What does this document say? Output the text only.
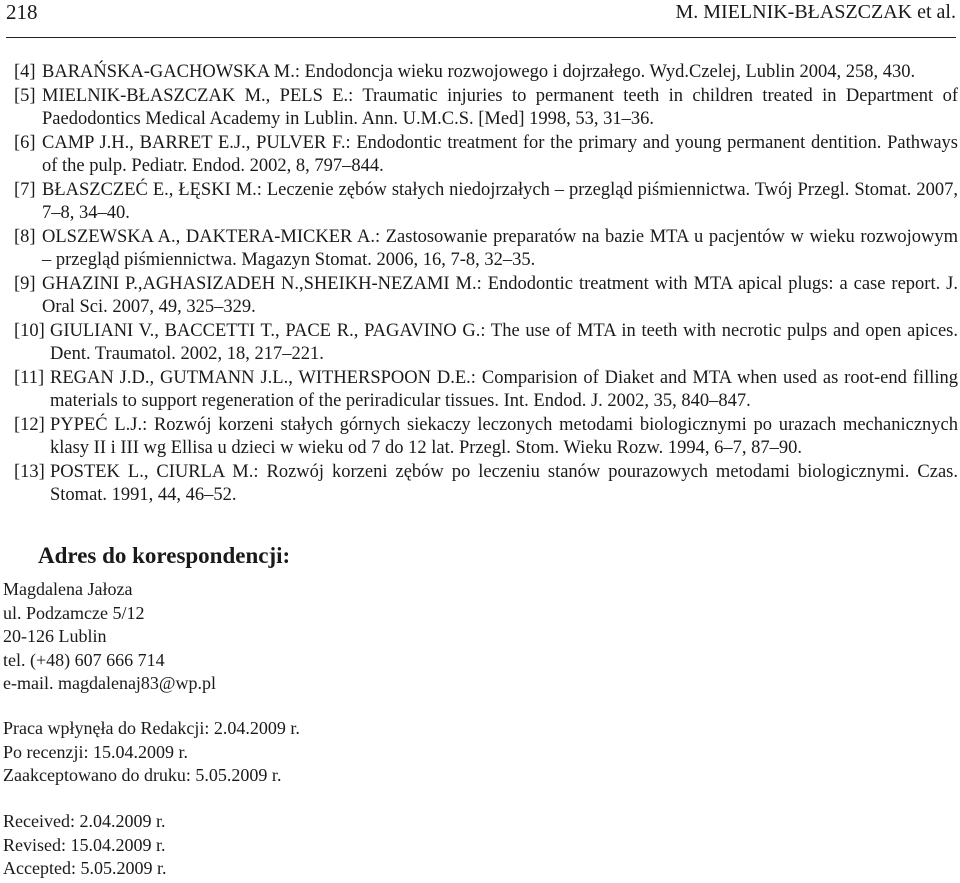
218	M. MIELNIK-BŁASZCZAK et al.
[4] BARAŃSKA-GACHOWSKA M.: Endodoncja wieku rozwojowego i dojrzałego. Wyd.Czelej, Lublin 2004, 258, 430.
[5] MIELNIK-BŁASZCZAK M., PELS E.: Traumatic injuries to permanent teeth in children treated in Department of Paedodontics Medical Academy in Lublin. Ann. U.M.C.S. [Med] 1998, 53, 31–36.
[6] CAMP J.H., BARRET E.J., PULVER F.: Endodontic treatment for the primary and young permanent dentition. Pathways of the pulp. Pediatr. Endod. 2002, 8, 797–844.
[7] BŁASZCZEĆ E., ŁĘSKI M.: Leczenie zębów stałych niedojrzałych – przegląd piśmiennictwa. Twój Przegl. Stomat. 2007, 7–8, 34–40.
[8] OLSZEWSKA A., DAKTERA-MICKER A.: Zastosowanie preparatów na bazie MTA u pacjentów w wieku rozwojowym – przegląd piśmiennictwa. Magazyn Stomat. 2006, 16, 7-8, 32–35.
[9] GHAZINI P.,AGHASIZADEH N.,SHEIKH-NEZAMI M.: Endodontic treatment with MTA apical plugs: a case report. J. Oral Sci. 2007, 49, 325–329.
[10] GIULIANI V., BACCETTI T., PACE R., PAGAVINO G.: The use of MTA in teeth with necrotic pulps and open apices. Dent. Traumatol. 2002, 18, 217–221.
[11] REGAN J.D., GUTMANN J.L., WITHERSPOON D.E.: Comparision of Diaket and MTA when used as root-end filling materials to support regeneration of the periradicular tissues. Int. Endod. J. 2002, 35, 840–847.
[12] PYPEĆ L.J.: Rozwój korzeni stałych górnych siekaczy leczonych metodami biologicznymi po urazach mechanicznych klasy II i III wg Ellisa u dzieci w wieku od 7 do 12 lat. Przegl. Stom. Wieku Rozw. 1994, 6–7, 87–90.
[13] POSTEK L., CIURLA M.: Rozwój korzeni zębów po leczeniu stanów pourazowych metodami biologicznymi. Czas. Stomat. 1991, 44, 46–52.
Adres do korespondencji:
Magdalena Jałoza
ul. Podzamcze 5/12
20-126 Lublin
tel. (+48) 607 666 714
e-mail. magdalenaj83@wp.pl
Praca wpłynęła do Redakcji: 2.04.2009 r.
Po recenzji: 15.04.2009 r.
Zaakceptowano do druku: 5.05.2009 r.
Received: 2.04.2009 r.
Revised: 15.04.2009 r.
Accepted: 5.05.2009 r.
